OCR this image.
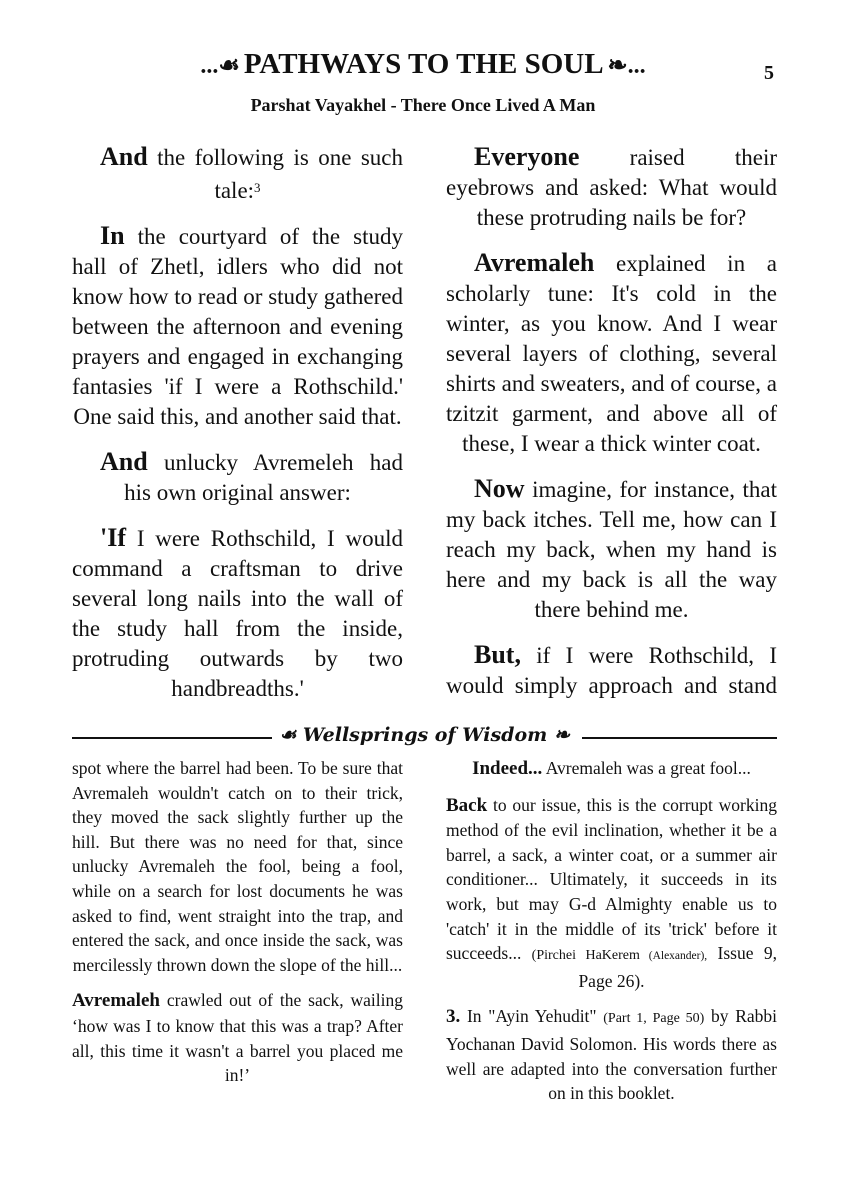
...☙ PATHWAYS TO THE SOUL ❧...	5
Parshat Vayakhel - There Once Lived A Man

And the following is one such tale:$^3$

In the courtyard of the study hall of Zhetl, idlers who did not know how to read or study gathered between the afternoon and evening prayers and engaged in exchanging fantasies 'if I were a Rothschild.' One said this, and another said that.

And unlucky Avremeleh had his own original answer:

'If I were Rothschild, I would command a craftsman to drive several long nails into the wall of the study hall from the inside, protruding outwards by two handbreadths.'

Everyone raised their eyebrows and asked: What would these protruding nails be for?

Avremaleh explained in a scholarly tune: It's cold in the winter, as you know. And I wear several layers of clothing, several shirts and sweaters, and of course, a tzitzit garment, and above all of these, I wear a thick winter coat.

Now imagine, for instance, that my back itches. Tell me, how can I reach my back, when my hand is here and my back is all the way there behind me.

But, if I were Rothschild, I would simply approach and stand

☙ Wellsprings of Wisdom ❧

spot where the barrel had been. To be sure that Avremaleh wouldn't catch on to their trick, they moved the sack slightly further up the hill. But there was no need for that, since unlucky Avremaleh the fool, being a fool, while on a search for lost documents he was asked to find, went straight into the trap, and entered the sack, and once inside the sack, was mercilessly thrown down the slope of the hill...

Avremaleh crawled out of the sack, wailing ‘how was I to know that this was a trap? After all, this time it wasn't a barrel you placed me in!’

Indeed... Avremaleh was a great fool...

Back to our issue, this is the corrupt working method of the evil inclination, whether it be a barrel, a sack, a winter coat, or a summer air conditioner... Ultimately, it succeeds in its work, but may G-d Almighty enable us to 'catch' it in the middle of its 'trick' before it succeeds... (Pirchei HaKerem (Alexander), Issue 9, Page 26).

3. In "Ayin Yehudit" (Part 1, Page 50) by Rabbi Yochanan David Solomon. His words there as well are adapted into the conversation further on in this booklet.
